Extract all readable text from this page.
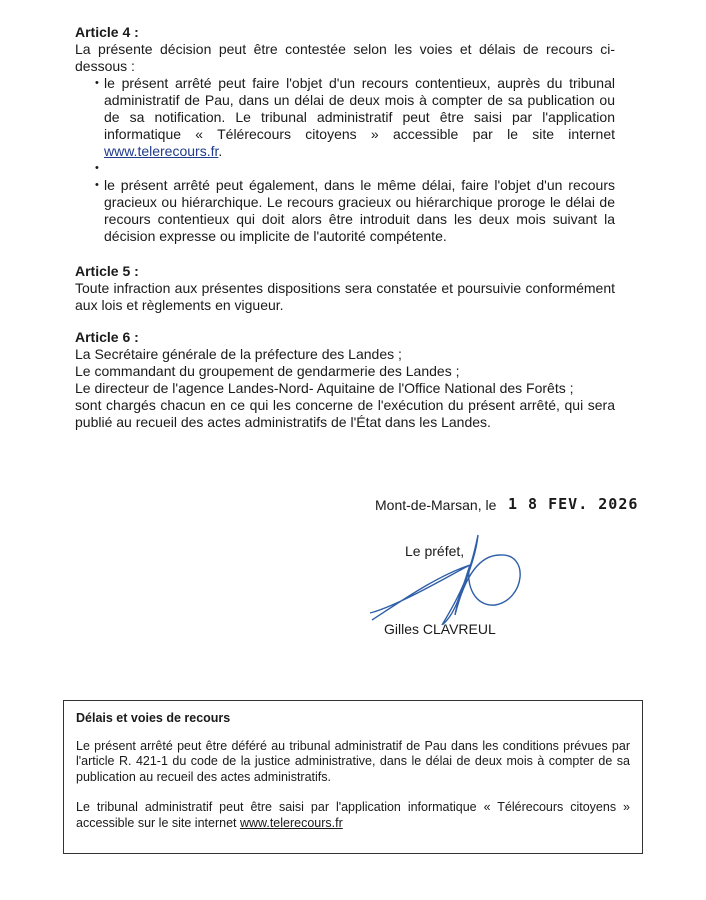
Article 4 :

La présente décision peut être contestée selon les voies et délais de recours ci-dessous :

• le présent arrêté peut faire l'objet d'un recours contentieux, auprès du tribunal administratif de Pau, dans un délai de deux mois à compter de sa publication ou de sa notification. Le tribunal administratif peut être saisi par l'application informatique « Télérecours citoyens » accessible par le site internet www.telerecours.fr.
•
• le présent arrêté peut également, dans le même délai, faire l'objet d'un recours gracieux ou hiérarchique. Le recours gracieux ou hiérarchique proroge le délai de recours contentieux qui doit alors être introduit dans les deux mois suivant la décision expresse ou implicite de l'autorité compétente.
Article 5 :

Toute infraction aux présentes dispositions sera constatée et poursuivie conformément aux lois et règlements en vigueur.

Article 6 :
La Secrétaire générale de la préfecture des Landes ;
Le commandant du groupement de gendarmerie des Landes ;
Le directeur de l'agence Landes-Nord- Aquitaine de l'Office National des Forêts ;

sont chargés chacun en ce qui les concerne de l'exécution du présent arrêté, qui sera publié au recueil des actes administratifs de l'État dans les Landes.

Mont-de-Marsan, le 1 8 FEV. 2026
Le préfet,
Gilles CLAVREUL

Délais et voies de recours

Le présent arrêté peut être déféré au tribunal administratif de Pau dans les conditions prévues par l'article R. 421-1 du code de la justice administrative, dans le délai de deux mois à compter de sa publication au recueil des actes administratifs.

Le tribunal administratif peut être saisi par l'application informatique « Télérecours citoyens » accessible sur le site internet www.telerecours.fr
